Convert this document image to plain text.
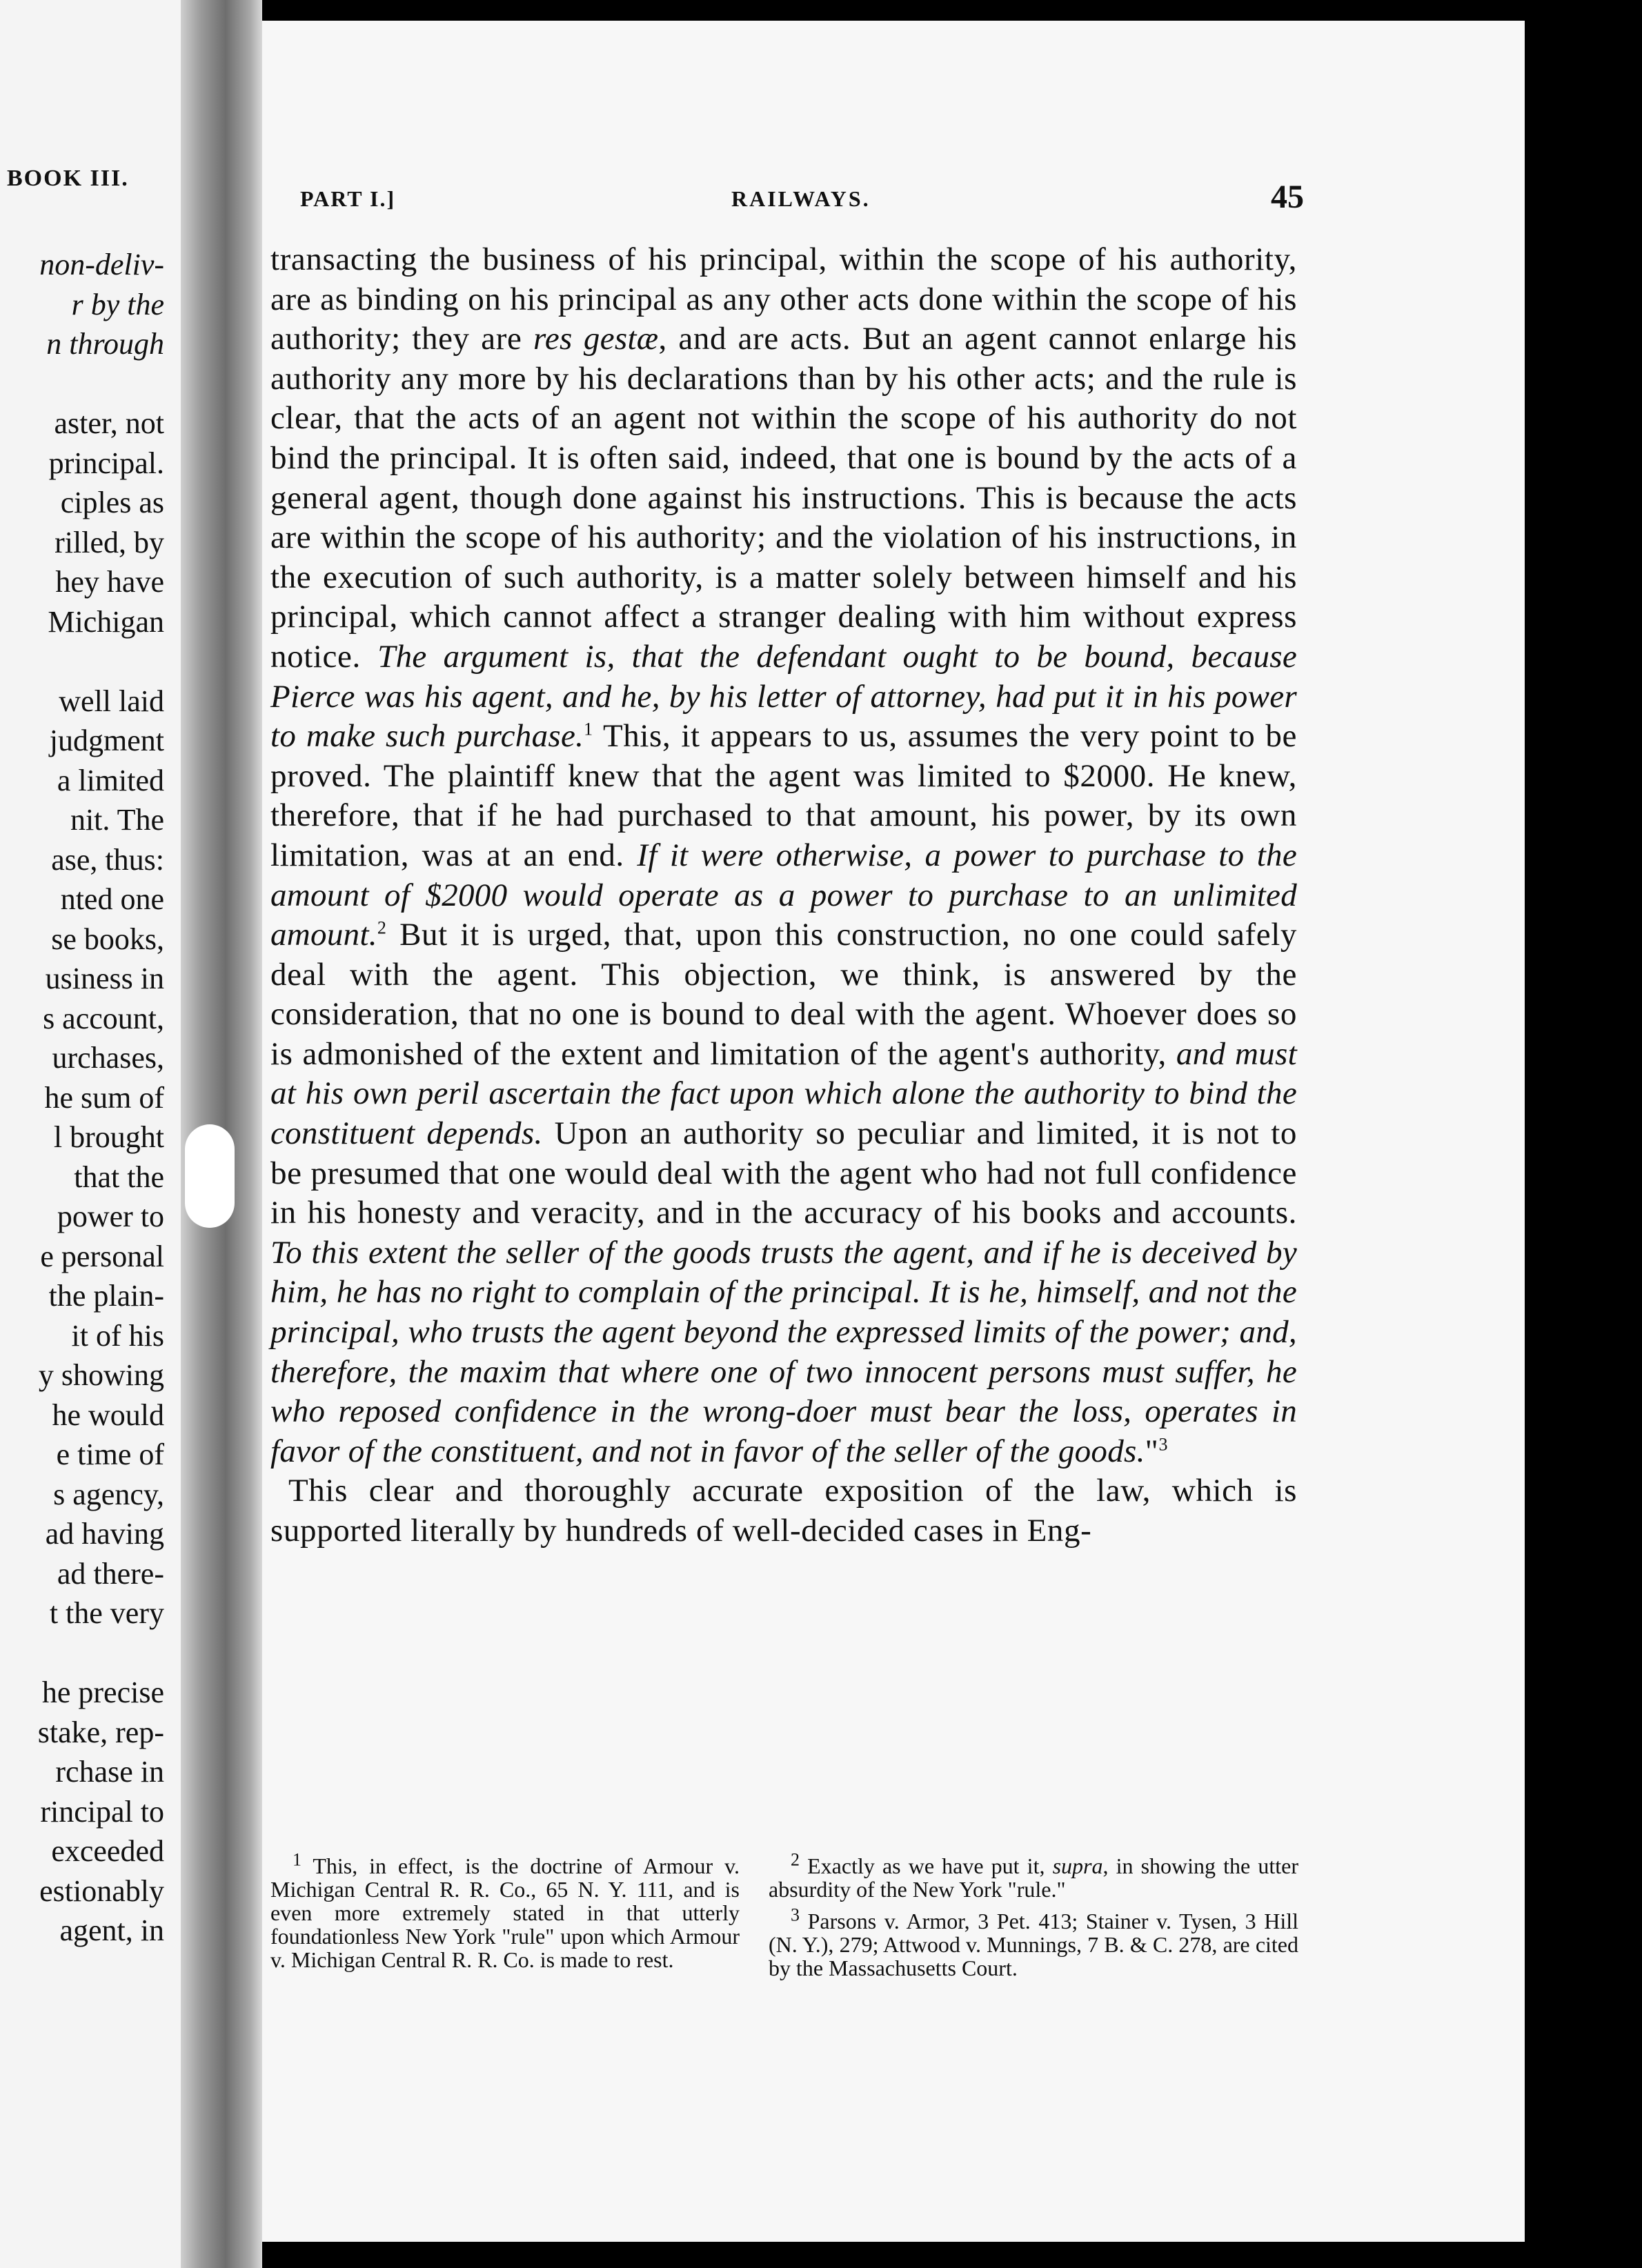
BOOK III.
non-deliv-
r by the
n through
aster, not
principal.
ciples as
rilled, by
hey have
Michigan
well laid
judgment
a limited
nit. The
ase, thus:
nted one
se books,
usiness in
s account,
urchases,
he sum of
l brought
that the
power to
e personal
the plain-
it of his
y showing
he would
e time of
s agency,
ad having
ad there-
t the very
he precise
stake, rep-
rchase in
rincipal to
exceeded
estionably
agent, in
PART I.]	RAILWAYS.	45

transacting the business of his principal, within the scope of his authority, are as binding on his principal as any other acts done within the scope of his authority; they are res gestæ, and are acts. But an agent cannot enlarge his authority any more by his declarations than by his other acts; and the rule is clear, that the acts of an agent not within the scope of his authority do not bind the principal. It is often said, indeed, that one is bound by the acts of a general agent, though done against his instructions. This is because the acts are within the scope of his authority; and the violation of his instructions, in the execution of such authority, is a matter solely between himself and his principal, which cannot affect a stranger dealing with him without express notice. The argument is, that the defendant ought to be bound, because Pierce was his agent, and he, by his letter of attorney, had put it in his power to make such purchase.$^1$ This, it appears to us, assumes the very point to be proved. The plaintiff knew that the agent was limited to $2000. He knew, therefore, that if he had purchased to that amount, his power, by its own limitation, was at an end. If it were otherwise, a power to purchase to the amount of $2000 would operate as a power to purchase to an unlimited amount.$^2$ But it is urged, that, upon this construction, no one could safely deal with the agent. This objection, we think, is answered by the consideration, that no one is bound to deal with the agent. Whoever does so is admonished of the extent and limitation of the agent's authority, and must at his own peril ascertain the fact upon which alone the authority to bind the constituent depends. Upon an authority so peculiar and limited, it is not to be presumed that one would deal with the agent who had not full confidence in his honesty and veracity, and in the accuracy of his books and accounts. To this extent the seller of the goods trusts the agent, and if he is deceived by him, he has no right to complain of the principal. It is he, himself, and not the principal, who trusts the agent beyond the expressed limits of the power; and, therefore, the maxim that where one of two innocent persons must suffer, he who reposed confidence in the wrong-doer must bear the loss, operates in favor of the constituent, and not in favor of the seller of the goods."$^3$

This clear and thoroughly accurate exposition of the law, which is supported literally by hundreds of well-decided cases in Eng-

$^1$ This, in effect, is the doctrine of Armour v. Michigan Central R. R. Co., 65 N. Y. 111, and is even more extremely stated in that utterly foundationless New York "rule" upon which Armour v. Michigan Central R. R. Co. is made to rest.

$^2$ Exactly as we have put it, supra, in showing the utter absurdity of the New York "rule."

$^3$ Parsons v. Armor, 3 Pet. 413; Stainer v. Tysen, 3 Hill (N. Y.), 279; Attwood v. Munnings, 7 B. & C. 278, are cited by the Massachusetts Court.
